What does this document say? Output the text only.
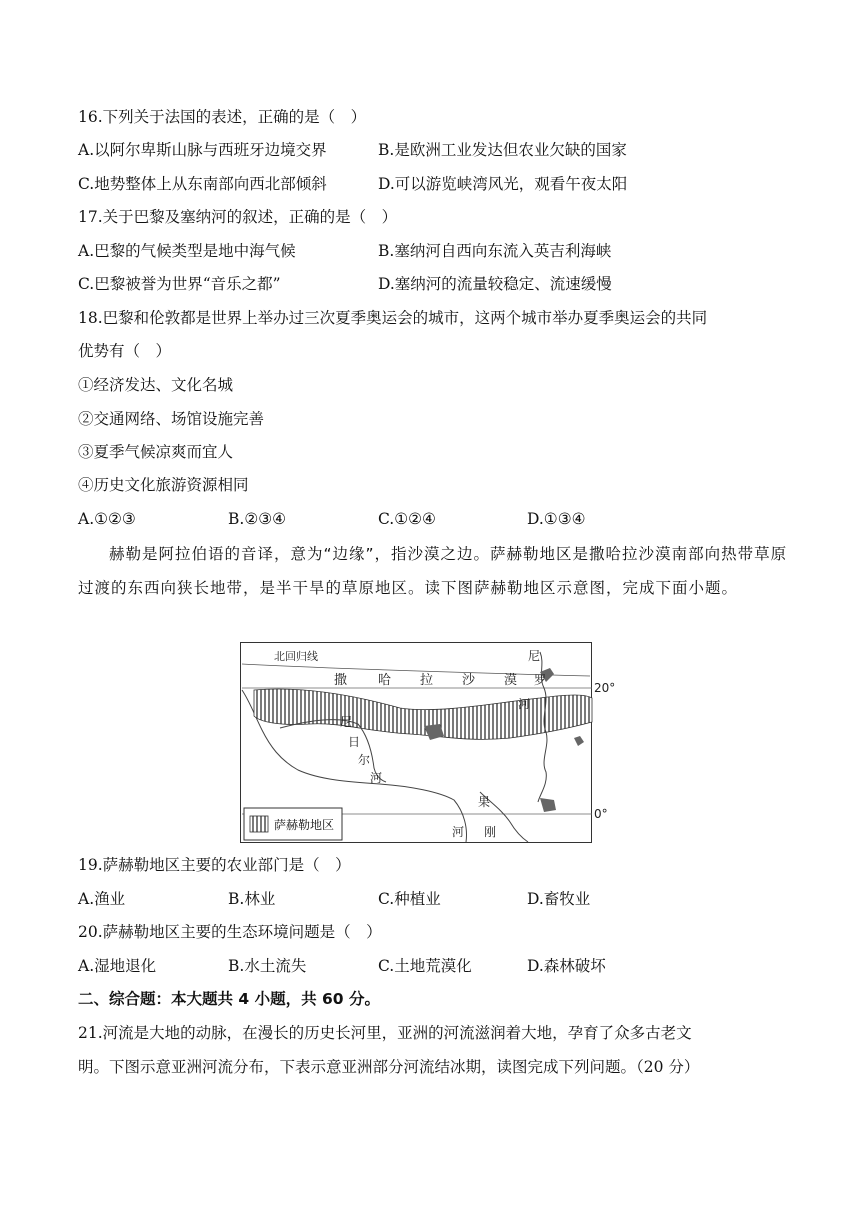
16.下列关于法国的表述，正确的是（　）
A.以阿尔卑斯山脉与西班牙边境交界	B.是欧洲工业发达但农业欠缺的国家
C.地势整体上从东南部向西北部倾斜	D.可以游览峡湾风光，观看午夜太阳
17.关于巴黎及塞纳河的叙述，正确的是（　）
A.巴黎的气候类型是地中海气候	B.塞纳河自西向东流入英吉利海峡
C.巴黎被誉为世界“音乐之都”	D.塞纳河的流量较稳定、流速缓慢
18.巴黎和伦敦都是世界上举办过三次夏季奥运会的城市，这两个城市举办夏季奥运会的共同
优势有（　）
①经济发达、文化名城
②交通网络、场馆设施完善
③夏季气候凉爽而宜人
④历史文化旅游资源相同
A.①②③	B.②③④	C.①②④	D.①③④
赫勒是阿拉伯语的音译，意为“边缘”，指沙漠之边。萨赫勒地区是撒哈拉沙漠南部向热带草原过渡的东西向狭长地带，是半干旱的草原地区。读下图萨赫勒地区示意图，完成下面小题。
萨赫勒地区
北回归线
撒 哈 拉 沙 漠
尼
罗
河
尼
日
尔
河
果
河 刚
20°
0°
19.萨赫勒地区主要的农业部门是（　）
A.渔业	B.林业	C.种植业	D.畜牧业
20.萨赫勒地区主要的生态环境问题是（　）
A.湿地退化	B.水土流失	C.土地荒漠化	D.森林破坏
二、综合题：本大题共 4 小题，共 60 分。
21.河流是大地的动脉，在漫长的历史长河里，亚洲的河流滋润着大地，孕育了众多古老文
明。下图示意亚洲河流分布，下表示意亚洲部分河流结冰期，读图完成下列问题。（20 分）
